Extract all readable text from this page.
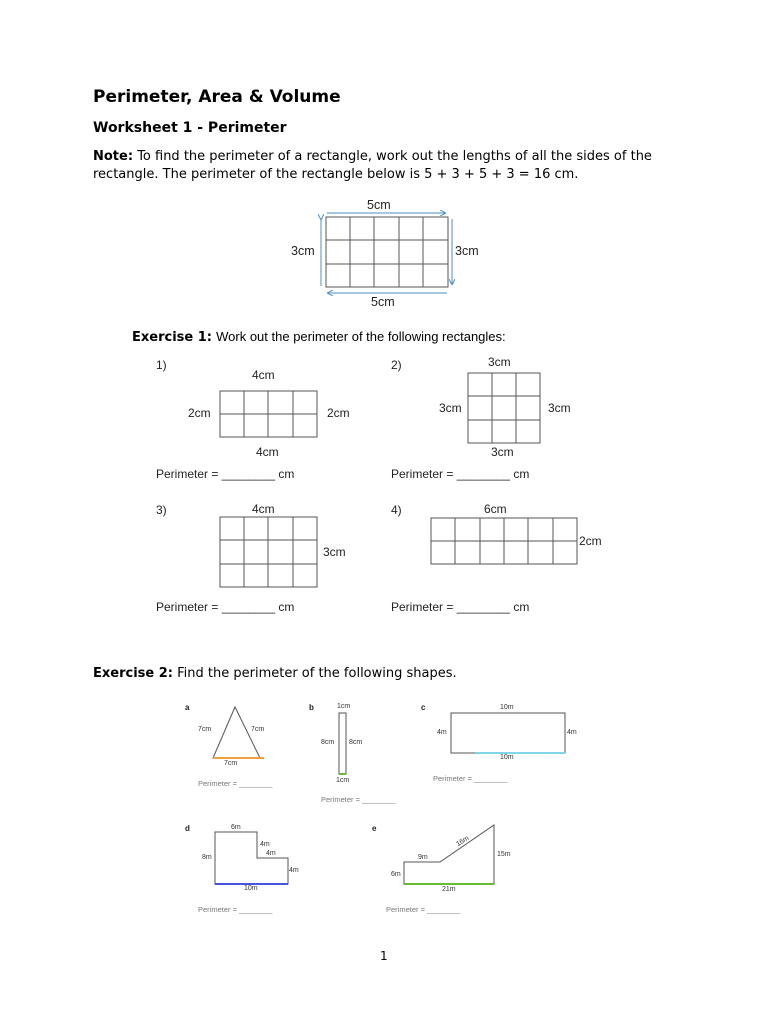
Perimeter, Area & Volume
Worksheet 1 - Perimeter

Note: To find the perimeter of a rectangle, work out the lengths of all the sides of the rectangle. The perimeter of the rectangle below is 5 + 3 + 5 + 3 = 16 cm.

5cm
3cm	3cm
5cm
Exercise 1: Work out the perimeter of the following rectangles:
1)
4cm
2cm	2cm
4cm
Perimeter = ________ cm
2)	3cm
3cm	3cm
3cm
Perimeter = ________ cm
3)	4cm
3cm
Perimeter = ________ cm
4)	6cm
2cm
Perimeter = ________ cm
Exercise 2: Find the perimeter of the following shapes.
a
7cm	7cm
7cm
Perimeter = ________
b	1cm
8cm 8cm
1cm
Perimeter = ________
c	10m
4m	4m
10m
Perimeter = ________
d	6m
8m
4m
4m
4m
10m
Perimeter = ________
e
16m
15m
9m
6m
21m
Perimeter = ________
1
